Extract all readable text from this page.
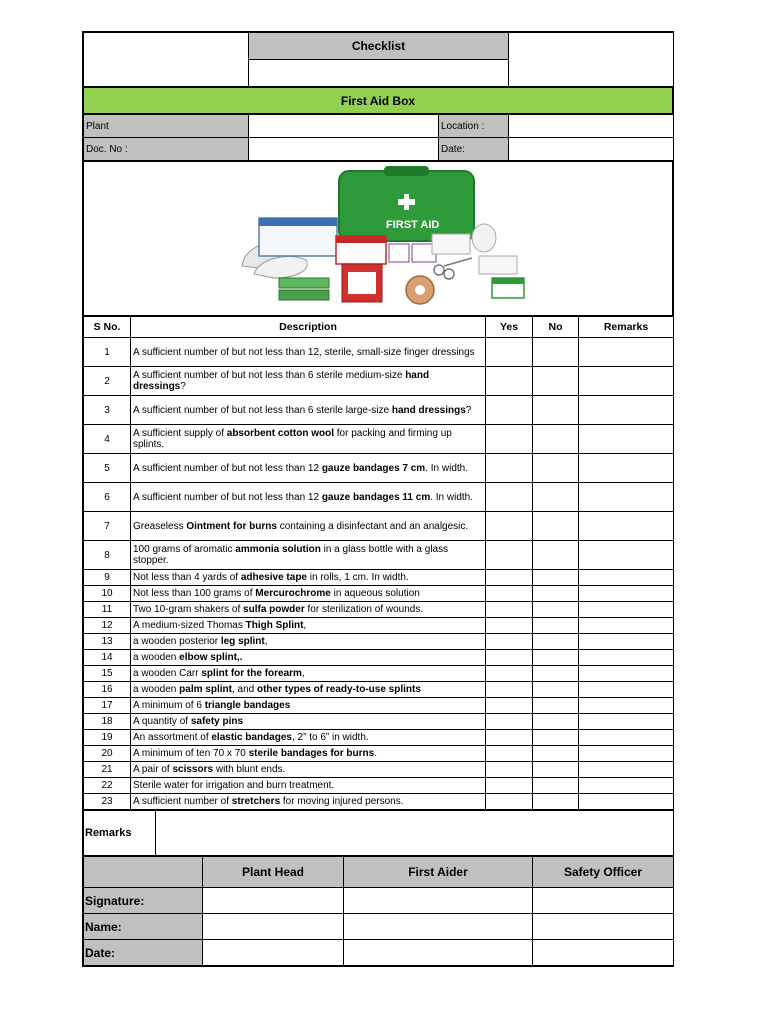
	Checklist	

First Aid Box
Plant		Location :	
Doc. No :		Date:	
FIRST AID
S No.	Description	Yes	No	Remarks
1	A sufficient number of but not less than 12, sterile, small-size finger dressings			
2	A sufficient number of but not less than 6 sterile medium-size hand dressings?			
3	A sufficient number of but not less than 6 sterile large-size hand dressings?			
4	A sufficient supply of absorbent cotton wool for packing and firming up splints.			
5	A sufficient number of but not less than 12 gauze bandages 7 cm. In width.			
6	A sufficient number of but not less than 12 gauze bandages 11 cm. In width.			
7	Greaseless Ointment for burns containing a disinfectant and an analgesic.			
8	100 grams of aromatic ammonia solution in a glass bottle with a glass stopper.			
9	Not less than 4 yards of adhesive tape in rolls, 1 cm. In width.			
10	Not less than 100 grams of Mercurochrome in aqueous solution			
11	Two 10-gram shakers of sulfa powder for sterilization of wounds.			
12	A medium-sized Thomas Thigh Splint,			
13	a wooden posterior leg splint,			
14	a wooden elbow splint,.			
15	a wooden Carr splint for the forearm,			
16	a wooden palm splint, and other types of ready-to-use splints			
17	A minimum of 6 triangle bandages			
18	A quantity of safety pins			
19	An assortment of elastic bandages, 2” to 6” in width.			
20	A minimum of ten 70 x 70 sterile bandages for burns.			
21	A pair of scissors with blunt ends.			
22	Sterile water for irrigation and burn treatment.			
23	A sufficient number of stretchers for moving injured persons.			
Remarks	
	Plant Head	First Aider	Safety Officer
Signature:			
Name:			
Date:			
